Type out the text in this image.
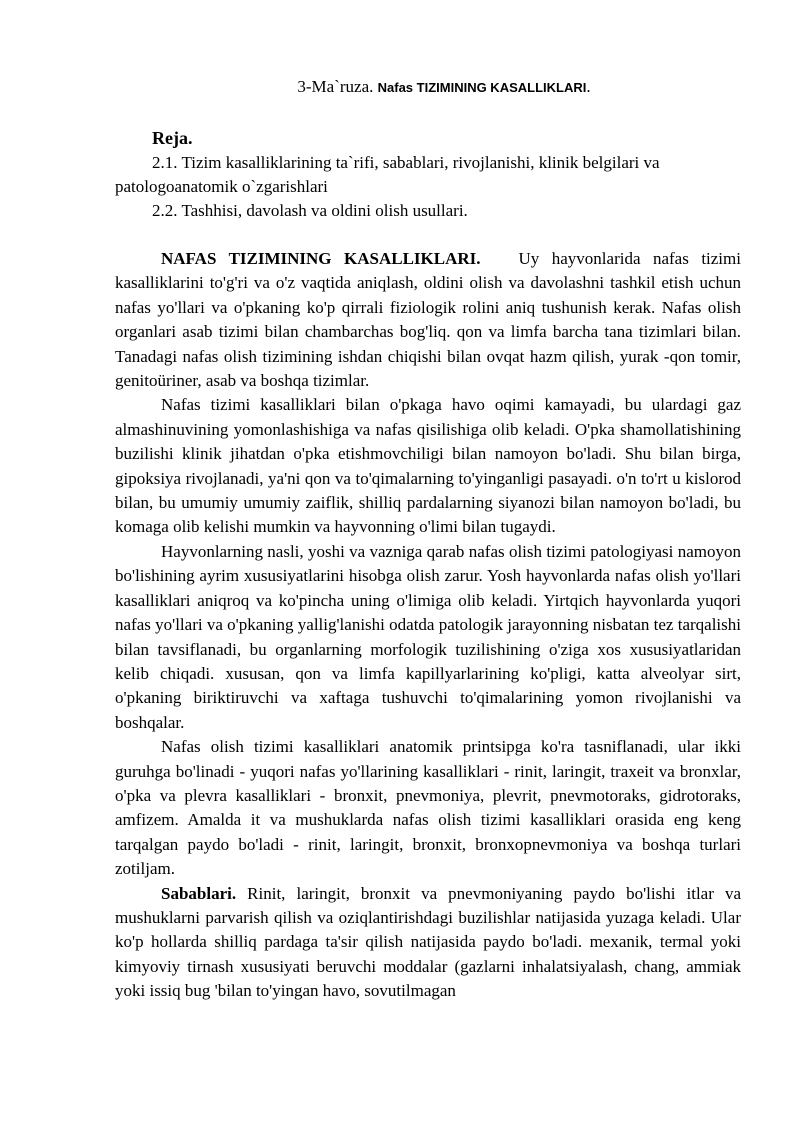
3-Ma`ruza. Nafas TIZIMINING KASALLIKLARI.
Reja.

2.1. Tizim kasalliklarining ta`rifi, sabablari, rivojlanishi, klinik belgilari va patologoanatomik o`zgarishlari

2.2. Tashhisi, davolash va oldini olish usullari.

NAFAS TIZIMINING KASALLIKLARI. Uy hayvonlarida nafas tizimi kasalliklarini to'g'ri va o'z vaqtida aniqlash, oldini olish va davolashni tashkil etish uchun nafas yo'llari va o'pkaning ko'p qirrali fiziologik rolini aniq tushunish kerak. Nafas olish organlari asab tizimi bilan chambarchas bog'liq. qon va limfa barcha tana tizimlari bilan. Tanadagi nafas olish tizimining ishdan chiqishi bilan ovqat hazm qilish, yurak -qon tomir, genitoüriner, asab va boshqa tizimlar.

Nafas tizimi kasalliklari bilan o'pkaga havo oqimi kamayadi, bu ulardagi gaz almashinuvining yomonlashishiga va nafas qisilishiga olib keladi. O'pka shamollatishining buzilishi klinik jihatdan o'pka etishmovchiligi bilan namoyon bo'ladi. Shu bilan birga, gipoksiya rivojlanadi, ya'ni qon va to'qimalarning to'yinganligi pasayadi. o'n to'rt u kislorod bilan, bu umumiy umumiy zaiflik, shilliq pardalarning siyanozi bilan namoyon bo'ladi, bu komaga olib kelishi mumkin va hayvonning o'limi bilan tugaydi.

Hayvonlarning nasli, yoshi va vazniga qarab nafas olish tizimi patologiyasi namoyon bo'lishining ayrim xususiyatlarini hisobga olish zarur. Yosh hayvonlarda nafas olish yo'llari kasalliklari aniqroq va ko'pincha uning o'limiga olib keladi. Yirtqich hayvonlarda yuqori nafas yo'llari va o'pkaning yallig'lanishi odatda patologik jarayonning nisbatan tez tarqalishi bilan tavsiflanadi, bu organlarning morfologik tuzilishining o'ziga xos xususiyatlaridan kelib chiqadi. xususan, qon va limfa kapillyarlarining ko'pligi, katta alveolyar sirt, o'pkaning biriktiruvchi va xaftaga tushuvchi to'qimalarining yomon rivojlanishi va boshqalar.

Nafas olish tizimi kasalliklari anatomik printsipga ko'ra tasniflanadi, ular ikki guruhga bo'linadi - yuqori nafas yo'llarining kasalliklari - rinit, laringit, traxeit va bronxlar, o'pka va plevra kasalliklari - bronxit, pnevmoniya, plevrit, pnevmotoraks, gidrotoraks, amfizem. Amalda it va mushuklarda nafas olish tizimi kasalliklari orasida eng keng tarqalgan paydo bo'ladi - rinit, laringit, bronxit, bronxopnevmoniya va boshqa turlari zotiljam.

Sabablari. Rinit, laringit, bronxit va pnevmoniyaning paydo bo'lishi itlar va mushuklarni parvarish qilish va oziqlantirishdagi buzilishlar natijasida yuzaga keladi. Ular ko'p hollarda shilliq pardaga ta'sir qilish natijasida paydo bo'ladi. mexanik, termal yoki kimyoviy tirnash xususiyati beruvchi moddalar (gazlarni inhalatsiyalash, chang, ammiak yoki issiq bug 'bilan to'yingan havo, sovutilmagan
